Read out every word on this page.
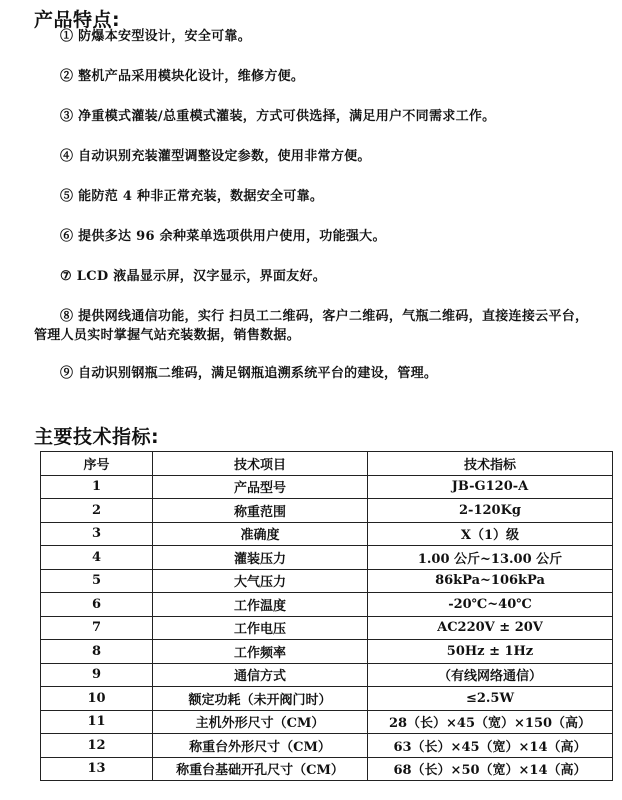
产品特点:

① 防爆本安型设计，安全可靠。

② 整机产品采用模块化设计，维修方便。

③ 净重模式灌装/总重模式灌装，方式可供选择，满足用户不同需求工作。

④ 自动识别充装灌型调整设定参数，使用非常方便。

⑤ 能防范 4 种非正常充装，数据安全可靠。

⑥ 提供多达 96 余种菜单选项供用户使用，功能强大。

⑦ LCD 液晶显示屏，汉字显示，界面友好。

⑧ 提供网线通信功能，实行 扫员工二维码，客户二维码，气瓶二维码，直接连接云平台，管理人员实时掌握气站充装数据，销售数据。

⑨ 自动识别钢瓶二维码，满足钢瓶追溯系统平台的建设，管理。

主要技术指标:
序号	技术项目	技术指标
1	产品型号	JB-G120-A
2	称重范围	2-120Kg
3	准确度	X（1）级
4	灌装压力	1.00 公斤~13.00 公斤
5	大气压力	86kPa~106kPa
6	工作温度	-20℃~40℃
7	工作电压	AC220V ± 20V
8	工作频率	50Hz ± 1Hz
9	通信方式	（有线网络通信）
10	额定功耗（未开阀门时）	≤2.5W
11	主机外形尺寸（CM）	28（长）×45（宽）×150（高）
12	称重台外形尺寸（CM）	63（长）×45（宽）×14（高）
13	称重台基础开孔尺寸（CM）	68（长）×50（宽）×14（高）
